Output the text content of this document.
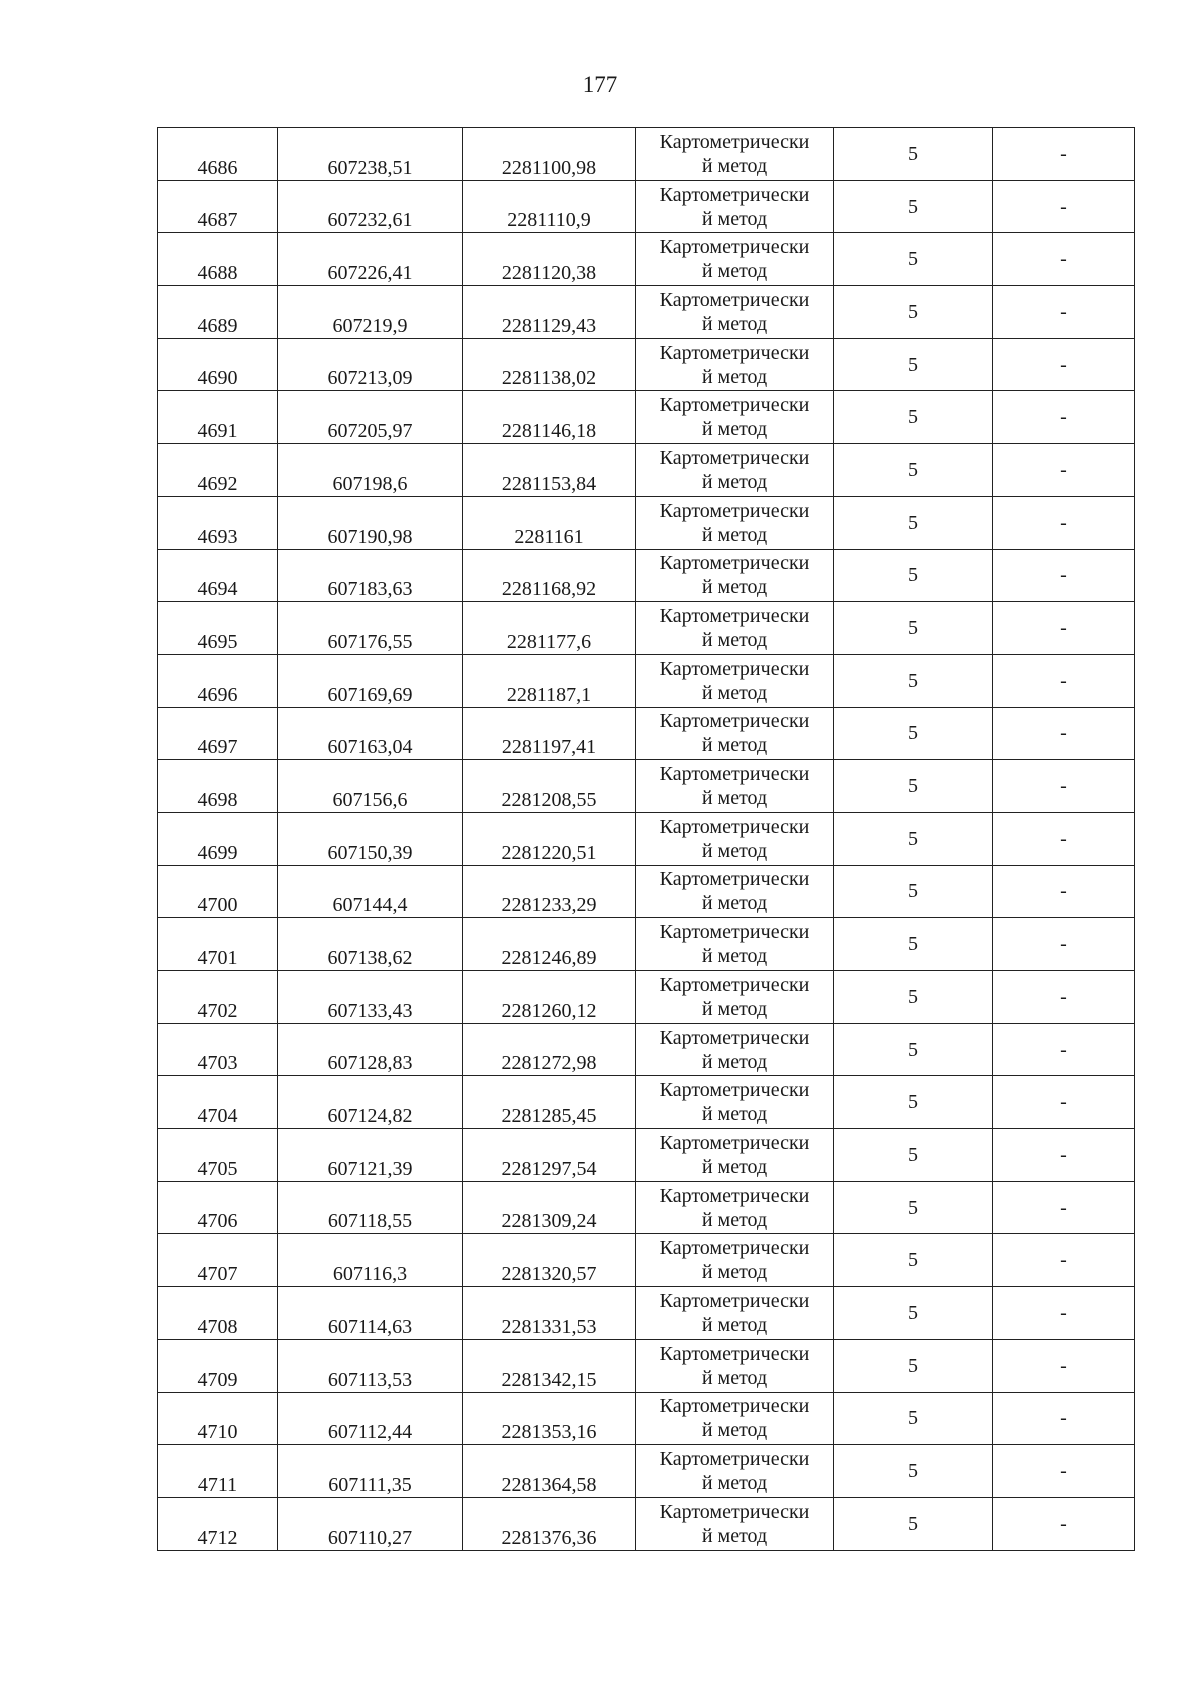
177
4686	607238,51	2281100,98	Картометрически
й метод	5	-
4687	607232,61	2281110,9	Картометрически
й метод	5	-
4688	607226,41	2281120,38	Картометрически
й метод	5	-
4689	607219,9	2281129,43	Картометрически
й метод	5	-
4690	607213,09	2281138,02	Картометрически
й метод	5	-
4691	607205,97	2281146,18	Картометрически
й метод	5	-
4692	607198,6	2281153,84	Картометрически
й метод	5	-
4693	607190,98	2281161	Картометрически
й метод	5	-
4694	607183,63	2281168,92	Картометрически
й метод	5	-
4695	607176,55	2281177,6	Картометрически
й метод	5	-
4696	607169,69	2281187,1	Картометрически
й метод	5	-
4697	607163,04	2281197,41	Картометрически
й метод	5	-
4698	607156,6	2281208,55	Картометрически
й метод	5	-
4699	607150,39	2281220,51	Картометрически
й метод	5	-
4700	607144,4	2281233,29	Картометрически
й метод	5	-
4701	607138,62	2281246,89	Картометрически
й метод	5	-
4702	607133,43	2281260,12	Картометрически
й метод	5	-
4703	607128,83	2281272,98	Картометрически
й метод	5	-
4704	607124,82	2281285,45	Картометрически
й метод	5	-
4705	607121,39	2281297,54	Картометрически
й метод	5	-
4706	607118,55	2281309,24	Картометрически
й метод	5	-
4707	607116,3	2281320,57	Картометрически
й метод	5	-
4708	607114,63	2281331,53	Картометрически
й метод	5	-
4709	607113,53	2281342,15	Картометрически
й метод	5	-
4710	607112,44	2281353,16	Картометрически
й метод	5	-
4711	607111,35	2281364,58	Картометрически
й метод	5	-
4712	607110,27	2281376,36	Картометрически
й метод	5	-
